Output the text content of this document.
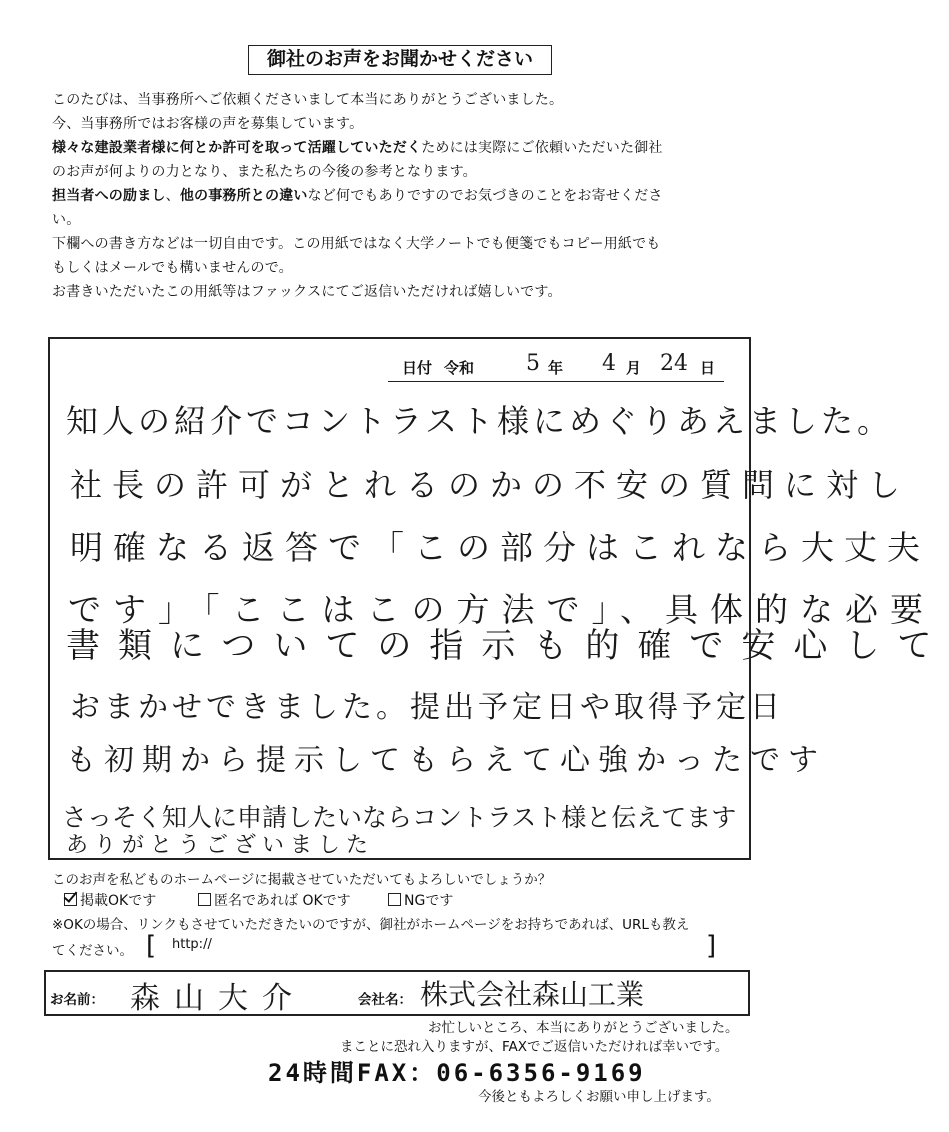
御社のお声をお聞かせください

このたびは、当事務所へご依頼くださいまして本当にありがとうございました。

今、当事務所ではお客様の声を募集しています。

様々な建設業者様に何とか許可を取って活躍していただくためには実際にご依頼いただいた御社

のお声が何よりの力となり、また私たちの今後の参考となります。

担当者への励まし、他の事務所との違いなど何でもありですのでお気づきのことをお寄せくださ

い。

下欄への書き方などは一切自由です。この用紙ではなく大学ノートでも便箋でもコピー用紙でも

もしくはメールでも構いませんので。

お書きいただいたこの用紙等はファックスにてご返信いただければ嬉しいです。

日付 令和 5 年 4 月 24 日
知人の紹介でコントラスト様にめぐりあえました。
社長の許可がとれるのかの不安の質問に対し
明確なる返答で「この部分はこれなら大丈夫
です」「ここはこの方法で」、具体的な必要
書類についての指示も的確で安心して
おまかせできました。提出予定日や取得予定日
も初期から提示してもらえて心強かったです
さっそく知人に申請したいならコントラスト様と伝えてます
ありがとうございました
このお声を私どものホームページに掲載させていただいてもよろしいでしょうか？
掲載OKです	匿名であれば OKです	NGです
※OKの場合、リンクもさせていただきたいのですが、御社がホームページをお持ちであれば、URLも教え
てください。 [ http://	]
お名前： 森山大介	会社名： 株式会社森山工業
お忙しいところ、本当にありがとうございました。
まことに恐れ入りますが、FAXでご返信いただければ幸いです。
24時間FAX：06-6356-9169
今後ともよろしくお願い申し上げます。
